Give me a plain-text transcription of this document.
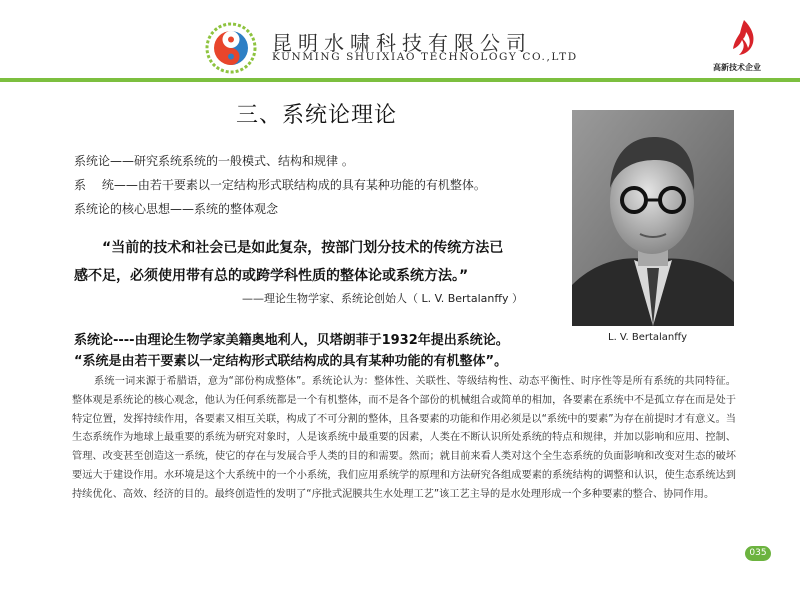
昆明水啸科技有限公司
KUNMING SHUIXIAO TECHNOLOGY CO.,LTD
高新技术企业
三、系统论理论
系统论——研究系统系统的一般模式、结构和规律 。
系　 统——由若干要素以一定结构形式联结构成的具有某种功能的有机整体。
系统论的核心思想——系统的整体观念
“当前的技术和社会已是如此复杂，按部门划分技术的传统方法已
感不足，必须使用带有总的或跨学科性质的整体论或系统方法。”
——理论生物学家、系统论创始人（ L. V. Bertalanffy ）
系统论----由理论生物学家美籍奥地利人，贝塔朗菲于1932年提出系统论。
“系统是由若干要素以一定结构形式联结构成的具有某种功能的有机整体”。

系统一词来源于希腊语，意为“部份构成整体”。系统论认为：整体性、关联性、等级结构性、动态平衡性、时序性等是所有系统的共同特征。整体观是系统论的核心观念，他认为任何系统都是一个有机整体，而不是各个部份的机械组合或简单的相加，各要素在系统中不是孤立存在而是处于特定位置，发挥持续作用，各要素又相互关联，构成了不可分割的整体，且各要素的功能和作用必须是以“系统中的要素”为存在前提时才有意义。当生态系统作为地球上最重要的系统为研究对象时，人是该系统中最重要的因素，人类在不断认识所处系统的特点和规律，并加以影响和应用、控制、管理、改变甚至创造这一系统，使它的存在与发展合乎人类的目的和需要。然而；就目前来看人类对这个全生态系统的负面影响和改变对生态的破坏要远大于建设作用。水环境是这个大系统中的一个小系统，我们应用系统学的原理和方法研究各组成要素的系统结构的调整和认识，使生态系统达到持续优化、高效、经济的目的。最终创造性的发明了“序批式泥膜共生水处理工艺”该工艺主导的是水处理形成一个多种要素的整合、协同作用。

L. V. Bertalanffy
035
